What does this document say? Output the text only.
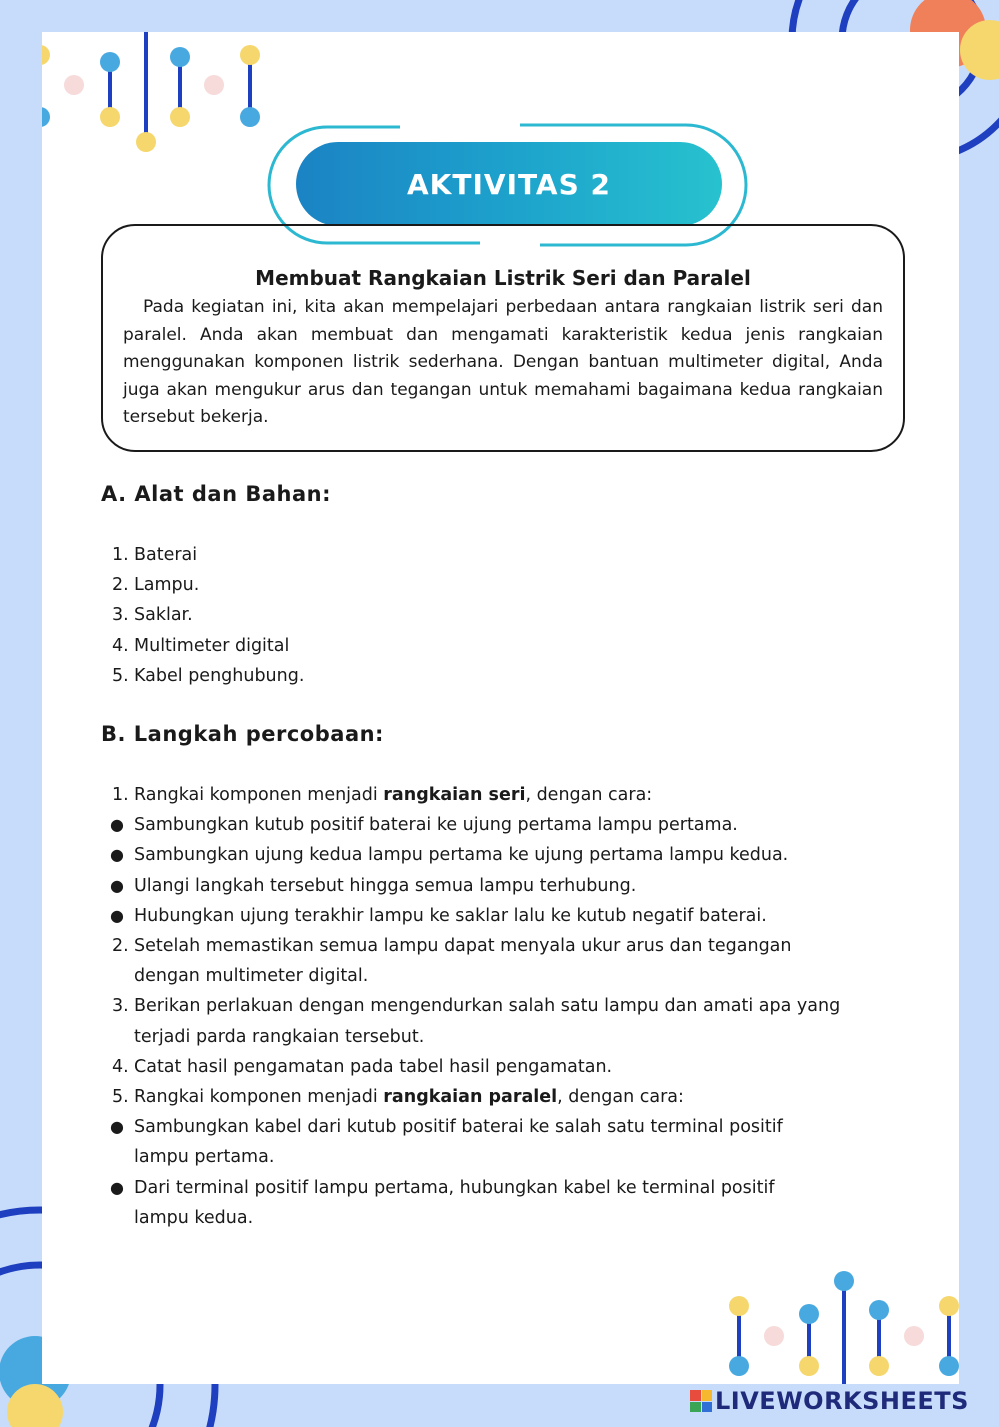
AKTIVITAS 2

Membuat Rangkaian Listrik Seri dan Paralel

Pada kegiatan ini, kita akan mempelajari perbedaan antara rangkaian listrik seri dan paralel. Anda akan membuat dan mengamati karakteristik kedua jenis rangkaian menggunakan komponen listrik sederhana. Dengan bantuan multimeter digital, Anda juga akan mengukur arus dan tegangan untuk memahami bagaimana kedua rangkaian tersebut bekerja.

A. Alat dan Bahan:

1. Baterai
2. Lampu.
3. Saklar.
4. Multimeter digital
5. Kabel penghubung.

B. Langkah percobaan:

1. Rangkai komponen menjadi rangkaian seri, dengan cara:
● Sambungkan kutub positif baterai ke ujung pertama lampu pertama.
● Sambungkan ujung kedua lampu pertama ke ujung pertama lampu kedua.
● Ulangi langkah tersebut hingga semua lampu terhubung.
● Hubungkan ujung terakhir lampu ke saklar lalu ke kutub negatif baterai.
2. Setelah memastikan semua lampu dapat menyala ukur arus dan tegangan
dengan multimeter digital.
3. Berikan perlakuan dengan mengendurkan salah satu lampu dan amati apa yang
terjadi parda rangkaian tersebut.
4. Catat hasil pengamatan pada tabel hasil pengamatan.
5. Rangkai komponen menjadi rangkaian paralel, dengan cara:
● Sambungkan kabel dari kutub positif baterai ke salah satu terminal positif
lampu pertama.
● Dari terminal positif lampu pertama, hubungkan kabel ke terminal positif
lampu kedua.
LIVEWORKSHEETS
